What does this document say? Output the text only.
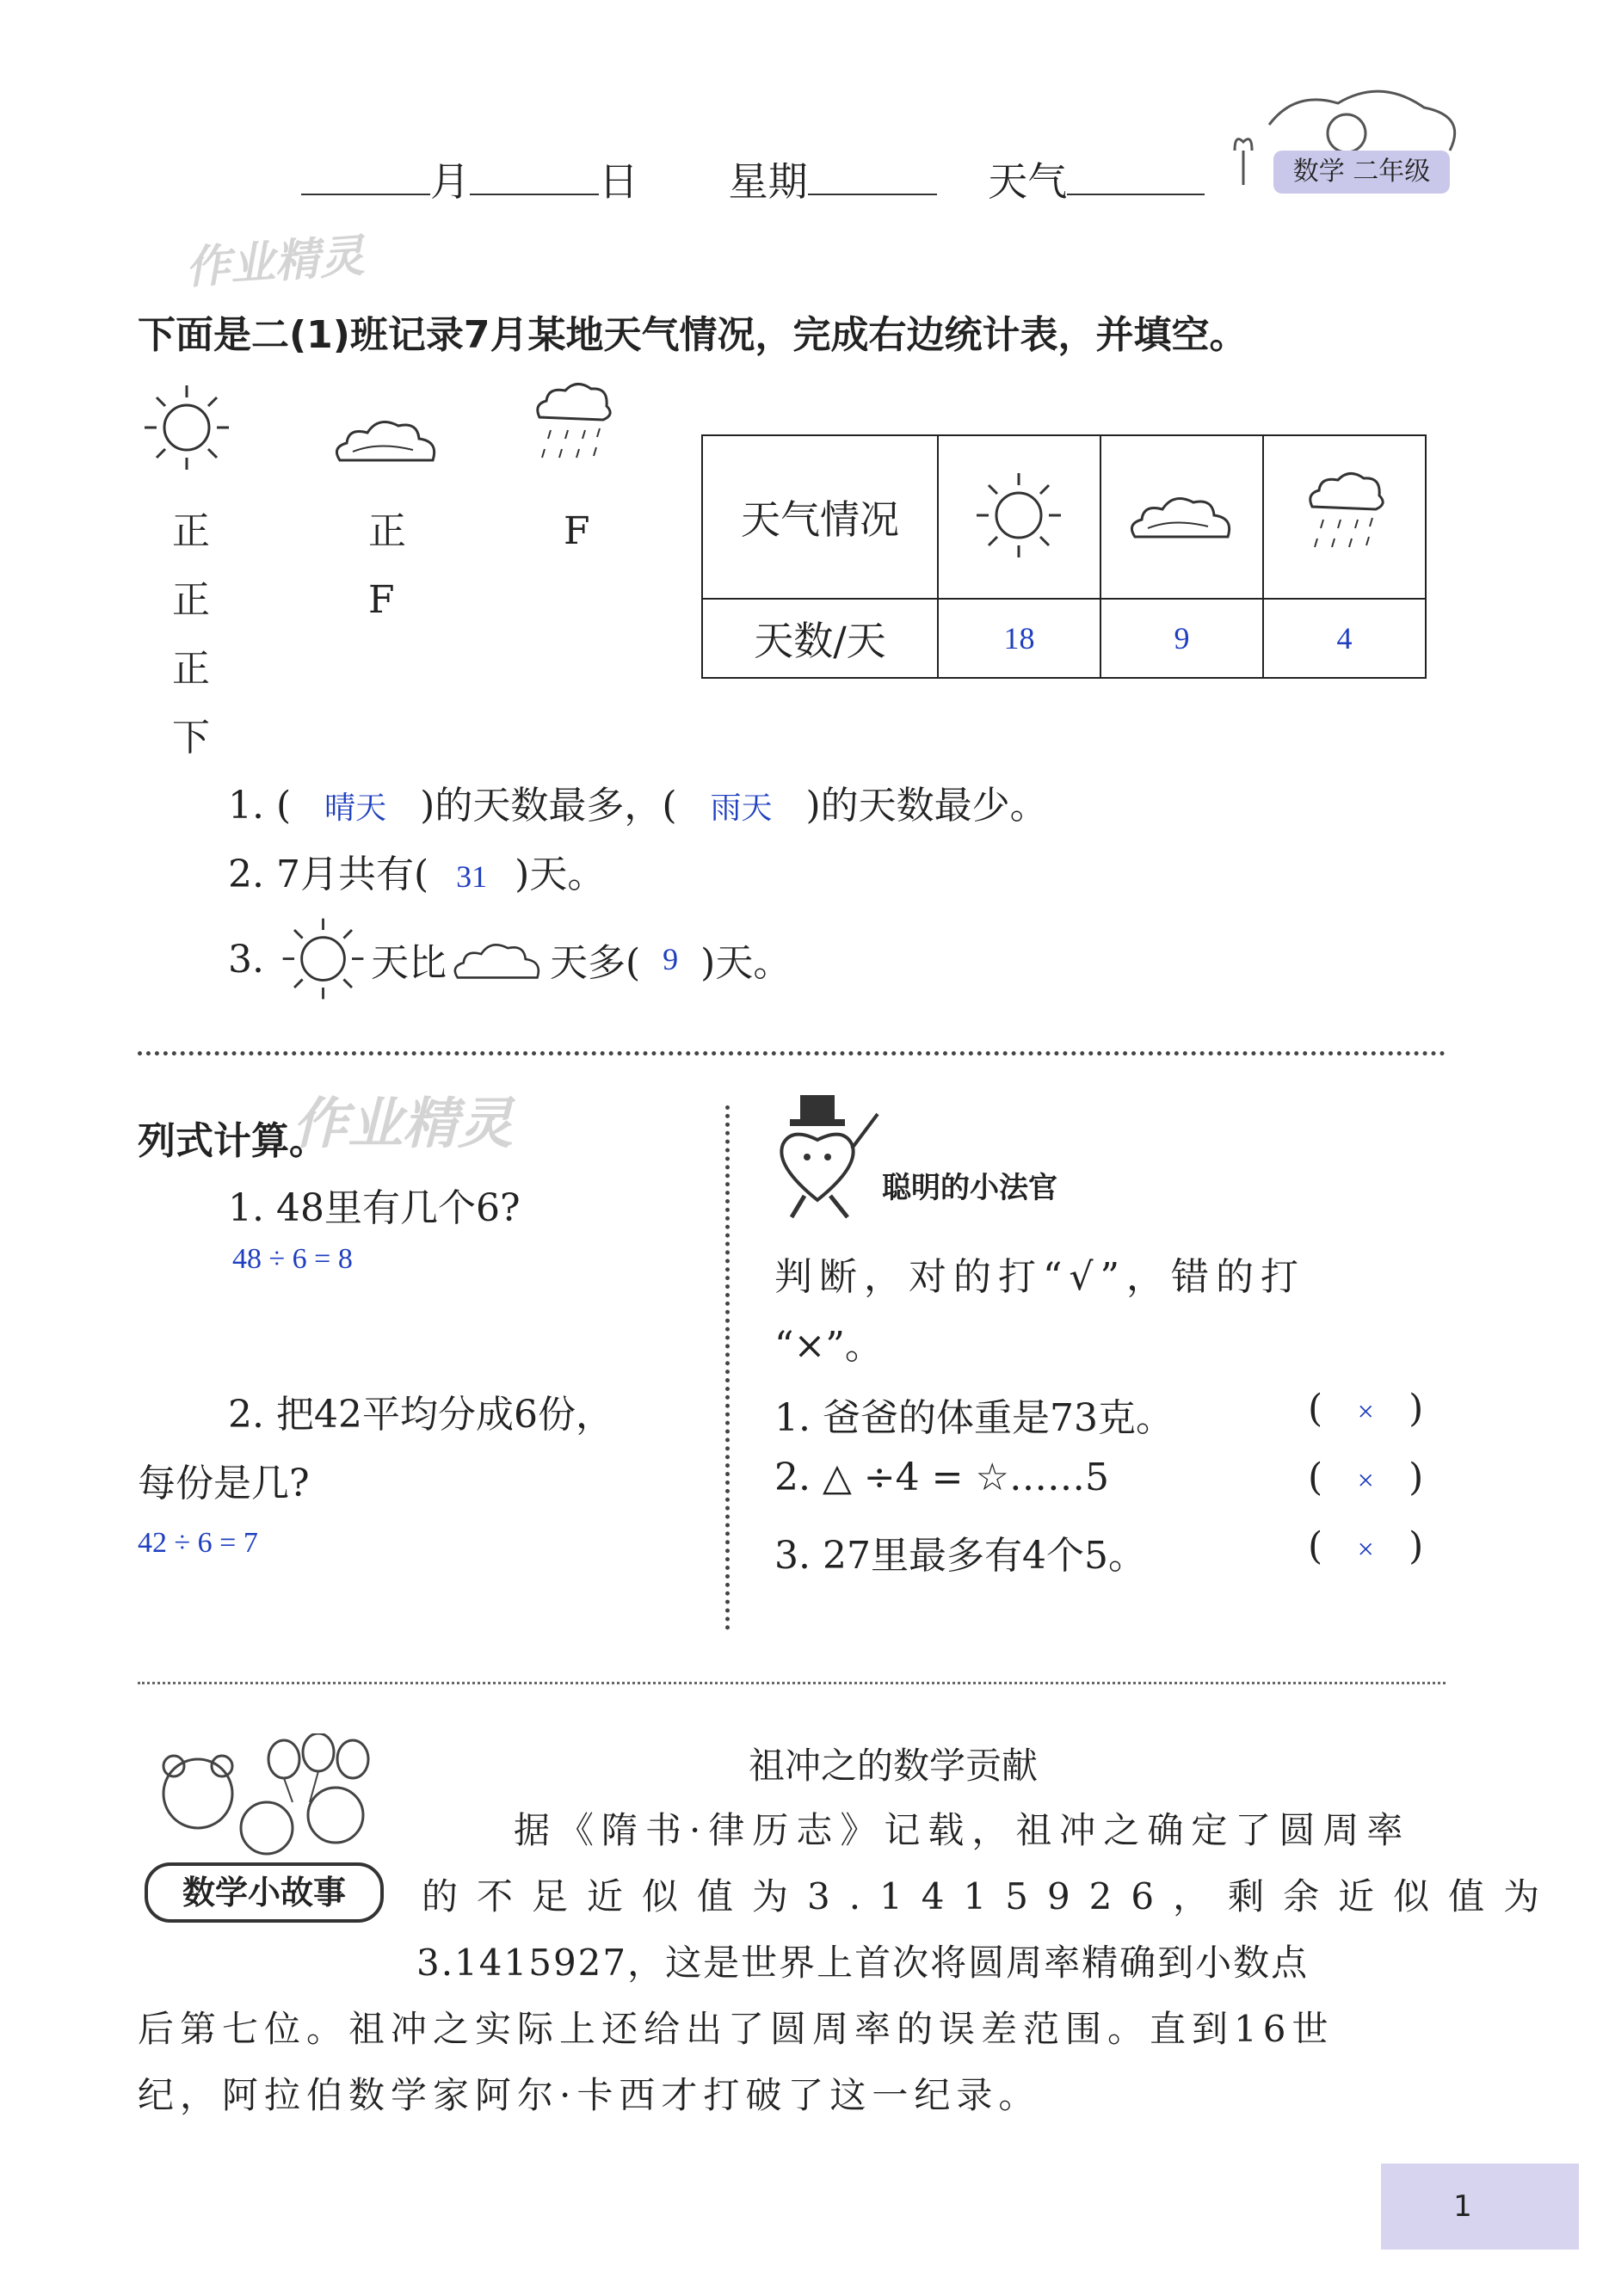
月	日 星期	天气	数学 二年级
作业精灵
下面是二(1)班记录7月某地天气情况，完成右边统计表，并填空。
正
正
正
下
正
F
F	天气情况			
天数/天	18	9	4
1. ( 晴天 )的天数最多，( 雨天 )的天数最少。
2. 7月共有( 31 )天。
3.	天比	天多( 9 )天。
列式计算。
作业精灵
1. 48里有几个6?
48 ÷ 6 = 8
2. 把42平均分成6份，
每份是几?
42 ÷ 6 = 7
聪明的小法官
判断，对的打“√”，错的打
“×”。
1. 爸爸的体重是73克。	( × )
2. △ ÷4 = ☆……5	( × )
3. 27里最多有4个5。	( × )
数学小故事
祖冲之的数学贡献
据《隋书·律历志》记载，祖冲之确定了圆周率
的不足近似值为3.1415926，剩余近似值为
3.1415927，这是世界上首次将圆周率精确到小数点
后第七位。祖冲之实际上还给出了圆周率的误差范围。直到16世
纪，阿拉伯数学家阿尔·卡西才打破了这一纪录。
1
